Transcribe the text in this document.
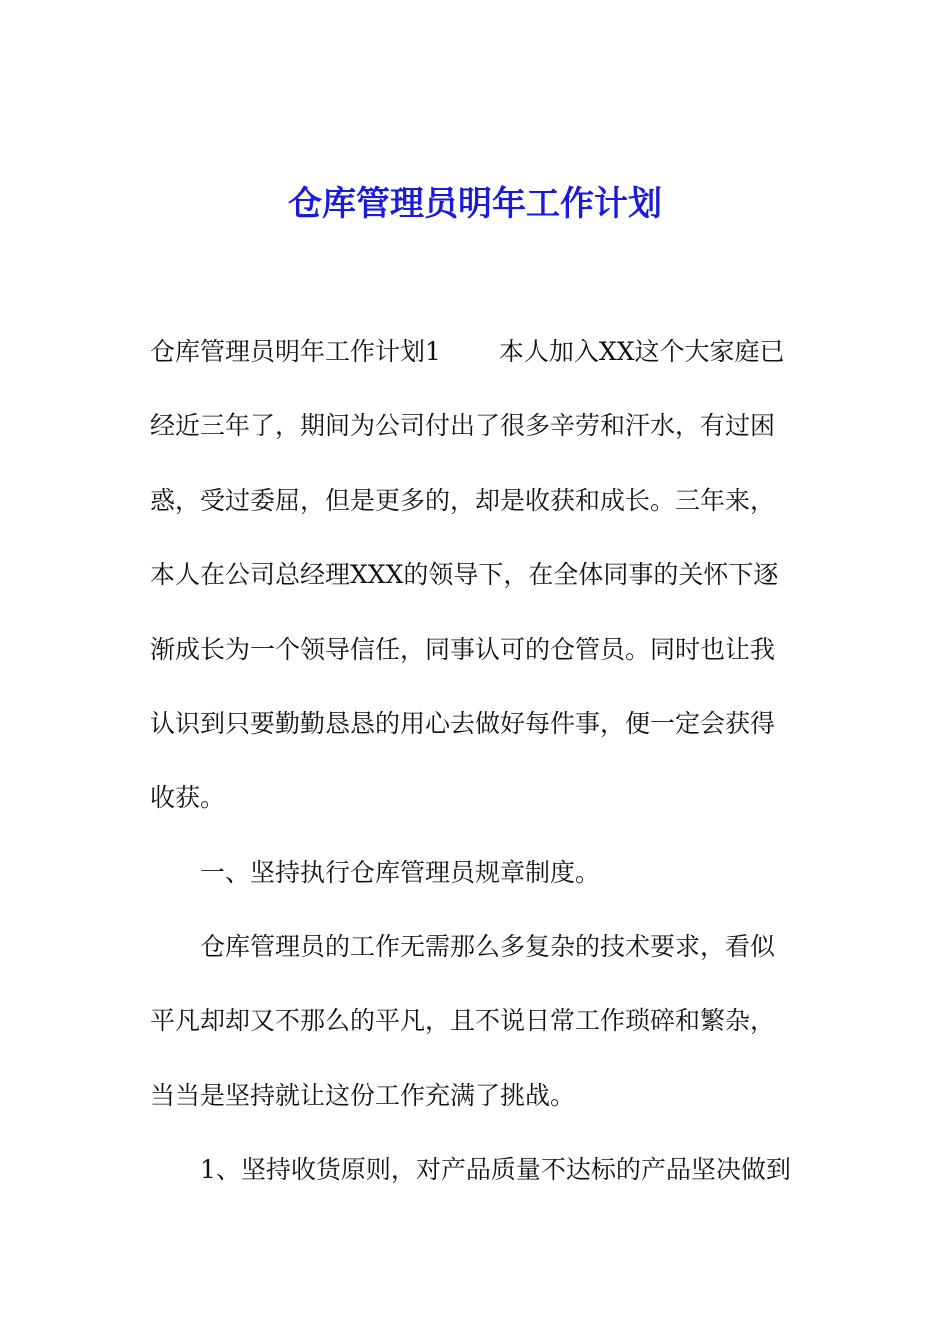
仓库管理员明年工作计划
仓库管理员明年工作计划1 本人加入XX这个大家庭已
经近三年了，期间为公司付出了很多辛劳和汗水，有过困
惑，受过委屈，但是更多的，却是收获和成长。三年来，
本人在公司总经理XXX的领导下，在全体同事的关怀下逐
渐成长为一个领导信任，同事认可的仓管员。同时也让我
认识到只要勤勤恳恳的用心去做好每件事，便一定会获得
收获。
一、坚持执行仓库管理员规章制度。
仓库管理员的工作无需那么多复杂的技术要求，看似
平凡却却又不那么的平凡，且不说日常工作琐碎和繁杂，
当当是坚持就让这份工作充满了挑战。
1、坚持收货原则，对产品质量不达标的产品坚决做到
